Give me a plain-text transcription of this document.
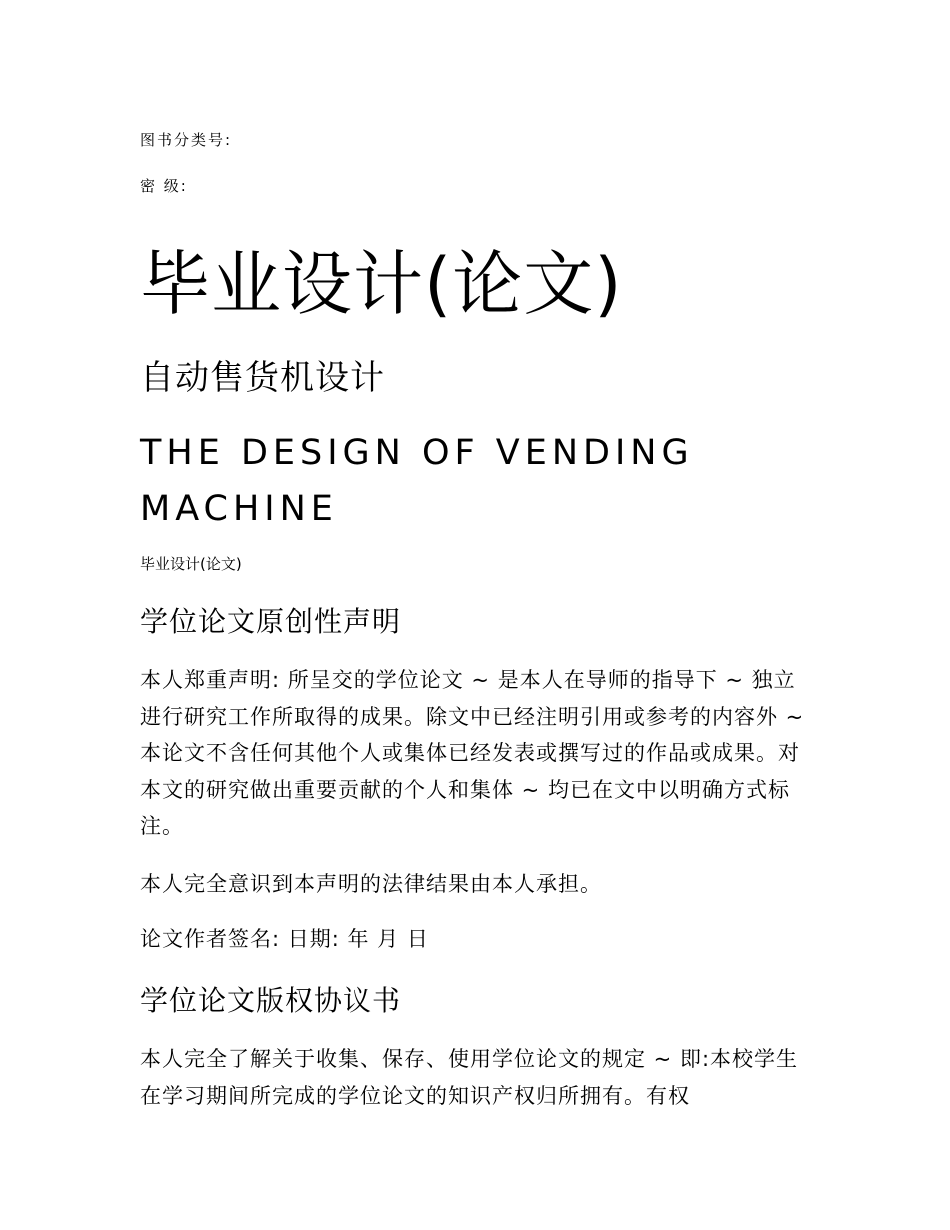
图书分类号:
密 级:
毕业设计(论文)
自动售货机设计
THE DESIGN OF VENDING MACHINE
毕业设计(论文)
学位论文原创性声明
本人郑重声明: 所呈交的学位论文 ~ 是本人在导师的指导下 ~ 独立进行研究工作所取得的成果。除文中已经注明引用或参考的内容外 ~ 本论文不含任何其他个人或集体已经发表或撰写过的作品或成果。对本文的研究做出重要贡献的个人和集体 ~ 均已在文中以明确方式标注。
本人完全意识到本声明的法律结果由本人承担。
论文作者签名: 日期: 年 月 日
学位论文版权协议书
本人完全了解关于收集、保存、使用学位论文的规定 ~ 即:本校学生在学习期间所完成的学位论文的知识产权归所拥有。有权
